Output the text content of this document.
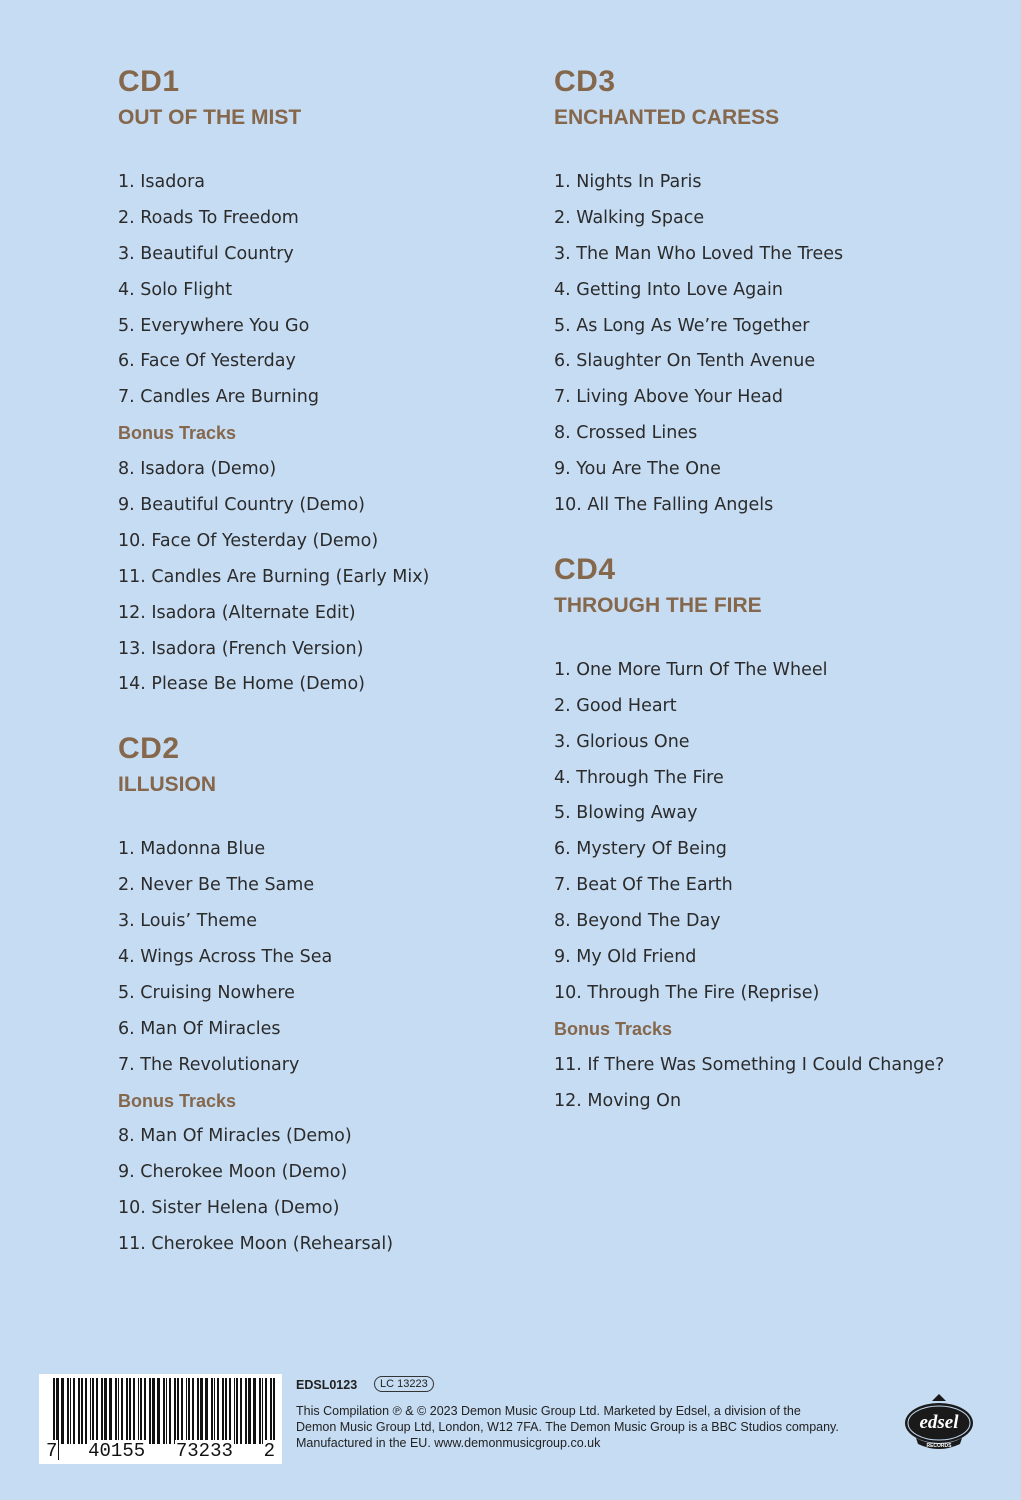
CD1
OUT OF THE MIST
1. Isadora
2. Roads To Freedom
3. Beautiful Country
4. Solo Flight
5. Everywhere You Go
6. Face Of Yesterday
7. Candles Are Burning
Bonus Tracks
8. Isadora (Demo)
9. Beautiful Country (Demo)
10. Face Of Yesterday (Demo)
11. Candles Are Burning (Early Mix)
12. Isadora (Alternate Edit)
13. Isadora (French Version)
14. Please Be Home (Demo)
CD2
ILLUSION
1. Madonna Blue
2. Never Be The Same
3. Louis’ Theme
4. Wings Across The Sea
5. Cruising Nowhere
6. Man Of Miracles
7. The Revolutionary
Bonus Tracks
8. Man Of Miracles (Demo)
9. Cherokee Moon (Demo)
10. Sister Helena (Demo)
11. Cherokee Moon (Rehearsal)
CD3
ENCHANTED CARESS
1. Nights In Paris
2. Walking Space
3. The Man Who Loved The Trees
4. Getting Into Love Again
5. As Long As We’re Together
6. Slaughter On Tenth Avenue
7. Living Above Your Head
8. Crossed Lines
9. You Are The One
10. All The Falling Angels
CD4
THROUGH THE FIRE
1. One More Turn Of The Wheel
2. Good Heart
3. Glorious One
4. Through The Fire
5. Blowing Away
6. Mystery Of Being
7. Beat Of The Earth
8. Beyond The Day
9. My Old Friend
10. Through The Fire (Reprise)
Bonus Tracks
11. If There Was Something I Could Change?
12. Moving On
7 40155 73233 2
EDSL0123	LC 13223
This Compilation ℗ & © 2023 Demon Music Group Ltd. Marketed by Edsel, a division of the
Demon Music Group Ltd, London, W12 7FA. The Demon Music Group is a BBC Studios company.
Manufactured in the EU. www.demonmusicgroup.co.uk
edsel
RECORDS
